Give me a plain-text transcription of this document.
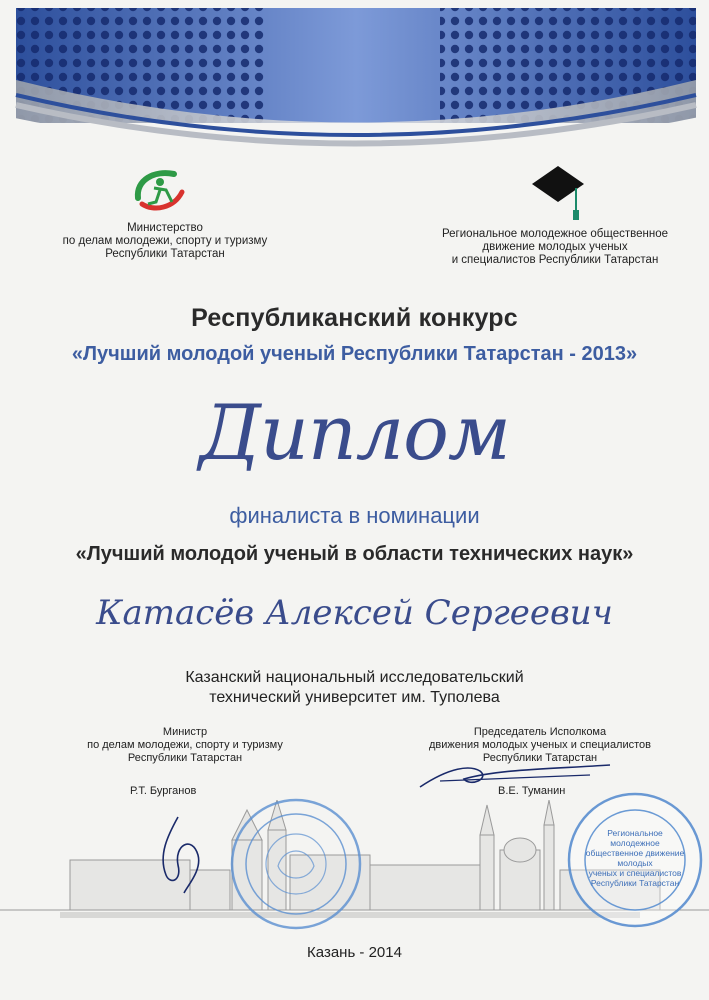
Министерство
по делам молодежи, спорту и туризму
Республики Татарстан
Региональное молодежное общественное
движение молодых ученых
и специалистов Республики Татарстан
Республиканский конкурс
«Лучший молодой ученый Республики Татарстан - 2013»
Диплом
финалиста в номинации
«Лучший молодой ученый в области технических наук»
Катасёв Алексей Сергеевич
Казанский национальный исследовательский
технический университет им. Туполева
Министр
по делам молодежи, спорту и туризму
Республики Татарстан
Председатель Исполкома
движения молодых ученых и специалистов
Республики Татарстан
Р.Т. Бурганов	В.Е. Туманин
Региональное
молодежное
общественное движение
молодых
ученых и специалистов
Республики Татарстан
Казань - 2014
